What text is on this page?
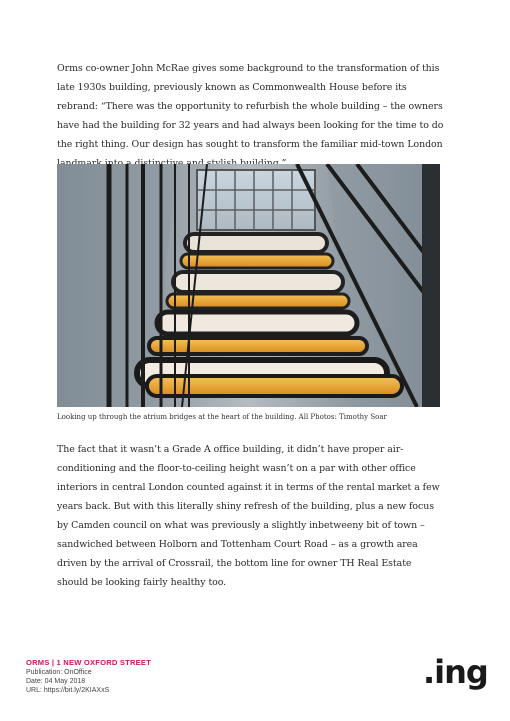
Orms co-owner John McRae gives some background to the transformation of this late 1930s building, previously known as Commonwealth House before its rebrand: “There was the opportunity to refurbish the whole building – the owners have had the building for 32 years and had always been looking for the time to do the right thing. Our design has sought to transform the familiar mid-town London

Looking up through the atrium bridges at the heart of the building. All Photos: Timothy Soar

The fact that it wasn’t a Grade A office building, it didn’t have proper air-conditioning and the floor-to-ceiling height wasn’t on a par with other office interiors in central London counted against it in terms of the rental market a few years back. But with this literally shiny refresh of the building, plus a new focus by Camden council on what was previously a slightly inbetweeny bit of town – sandwiched between Holborn and Tottenham Court Road – as a growth area driven by the arrival of Crossrail, the bottom line for owner TH Real Estate should be looking fairly healthy too.

ORMS | 1 NEW OXFORD STREET
Publication: OnOffice
Date: 04 May 2018
URL: https://bit.ly/2KIAXxS	.ing
